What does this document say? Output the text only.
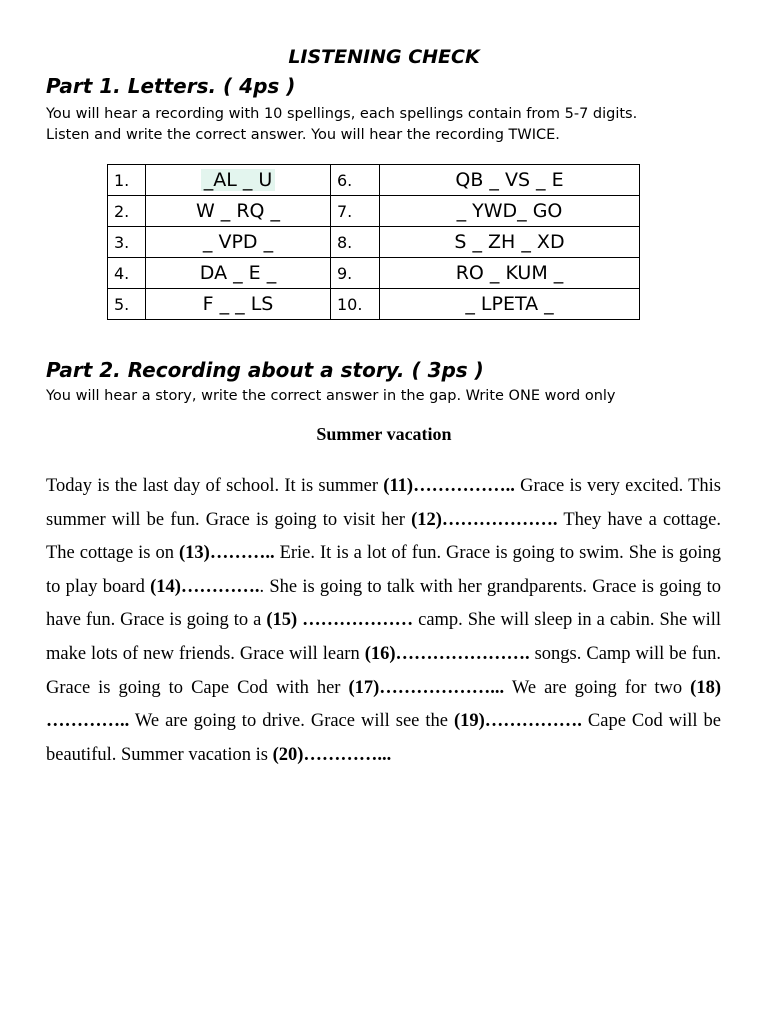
LISTENING CHECK
Part 1. Letters. ( 4ps )
You will hear a recording with 10 spellings, each spellings contain from 5-7 digits.
Listen and write the correct answer. You will hear the recording TWICE.
1.	_AL _ U	6.	QB _ VS _ E
2.	W _ RQ _	7.	_ YWD_ GO
3.	_ VPD _	8.	S _ ZH _ XD
4.	DA _ E _	9.	RO _ KUM _
5.	F _ _ LS	10.	_ LPETA _
Part 2. Recording about a story. ( 3ps )
You will hear a story, write the correct answer in the gap. Write ONE word only
Summer vacation

Today is the last day of school. It is summer (11)…………….. Grace is very excited. This summer will be fun. Grace is going to visit her (12)………………. They have a cottage. The cottage is on (13)……….. Erie. It is a lot of fun. Grace is going to swim. She is going to play board (14)………….. She is going to talk with her grandparents. Grace is going to have fun. Grace is going to a (15) ……………… camp. She will sleep in a cabin. She will make lots of new friends. Grace will learn (16)…………………. songs. Camp will be fun. Grace is going to Cape Cod with her (17)………………... We are going for two (18) ………….. We are going to drive. Grace will see the (19)……………. Cape Cod will be beautiful. Summer vacation is (20)…………...
